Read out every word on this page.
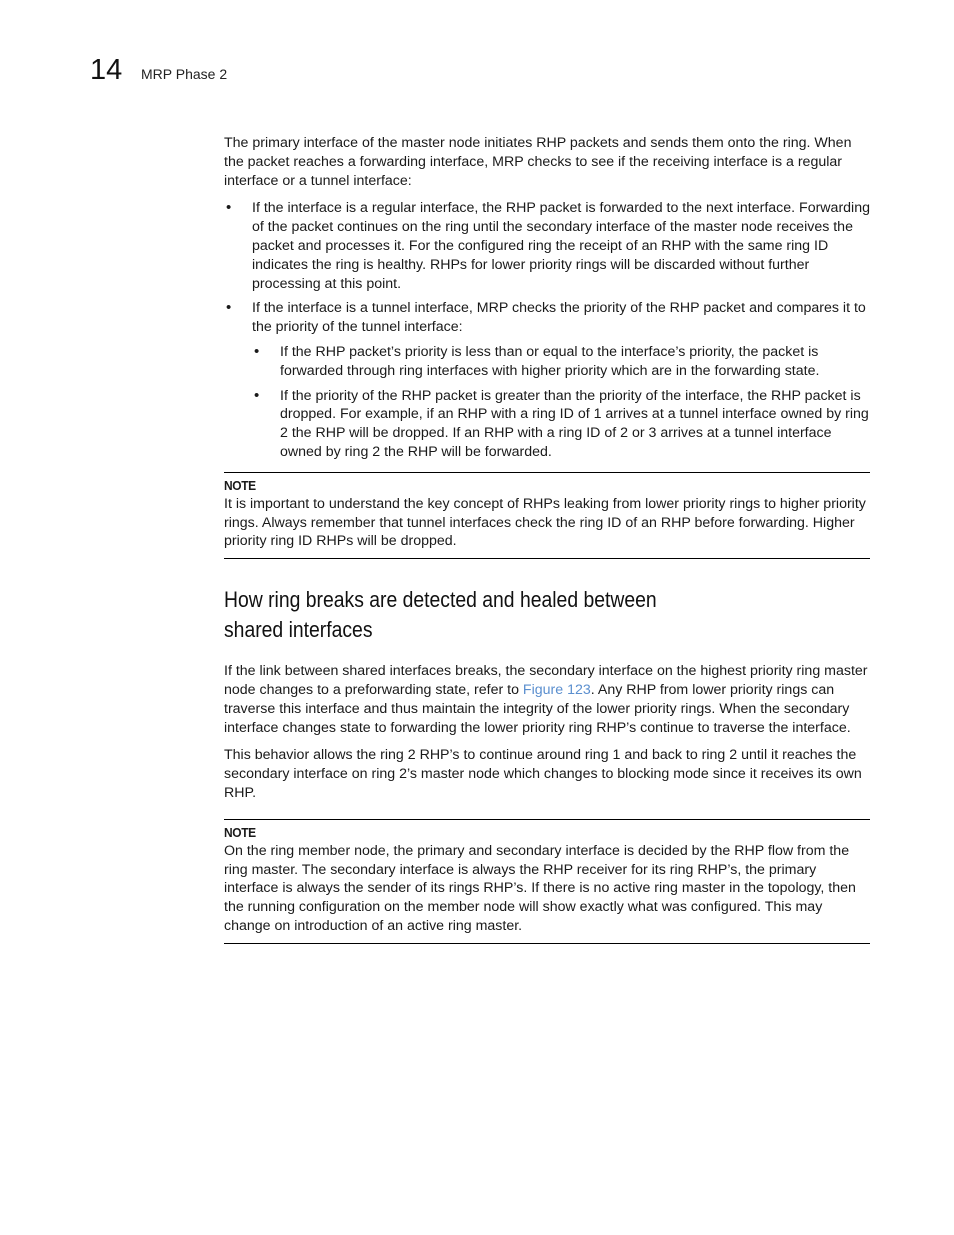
14 MRP Phase 2

The primary interface of the master node initiates RHP packets and sends them onto the ring. When the packet reaches a forwarding interface, MRP checks to see if the receiving interface is a regular interface or a tunnel interface:

• If the interface is a regular interface, the RHP packet is forwarded to the next interface. Forwarding of the packet continues on the ring until the secondary interface of the master node receives the packet and processes it. For the configured ring the receipt of an RHP with the same ring ID indicates the ring is healthy. RHPs for lower priority rings will be discarded without further processing at this point.
• If the interface is a tunnel interface, MRP checks the priority of the RHP packet and compares it to the priority of the tunnel interface:
• If the RHP packet’s priority is less than or equal to the interface’s priority, the packet is forwarded through ring interfaces with higher priority which are in the forwarding state.
• If the priority of the RHP packet is greater than the priority of the interface, the RHP packet is dropped. For example, if an RHP with a ring ID of 1 arrives at a tunnel interface owned by ring 2 the RHP will be dropped. If an RHP with a ring ID of 2 or 3 arrives at a tunnel interface owned by ring 2 the RHP will be forwarded.
NOTE

It is important to understand the key concept of RHPs leaking from lower priority rings to higher priority rings. Always remember that tunnel interfaces check the ring ID of an RHP before forwarding. Higher priority ring ID RHPs will be dropped.

How ring breaks are detected and healed between shared interfaces

If the link between shared interfaces breaks, the secondary interface on the highest priority ring master node changes to a preforwarding state, refer to Figure 123. Any RHP from lower priority rings can traverse this interface and thus maintain the integrity of the lower priority rings. When the secondary interface changes state to forwarding the lower priority ring RHP’s continue to traverse the interface.

This behavior allows the ring 2 RHP’s to continue around ring 1 and back to ring 2 until it reaches the secondary interface on ring 2’s master node which changes to blocking mode since it receives its own RHP.

NOTE

On the ring member node, the primary and secondary interface is decided by the RHP flow from the ring master. The secondary interface is always the RHP receiver for its ring RHP’s, the primary interface is always the sender of its rings RHP’s. If there is no active ring master in the topology, then the running configuration on the member node will show exactly what was configured. This may change on introduction of an active ring master.
